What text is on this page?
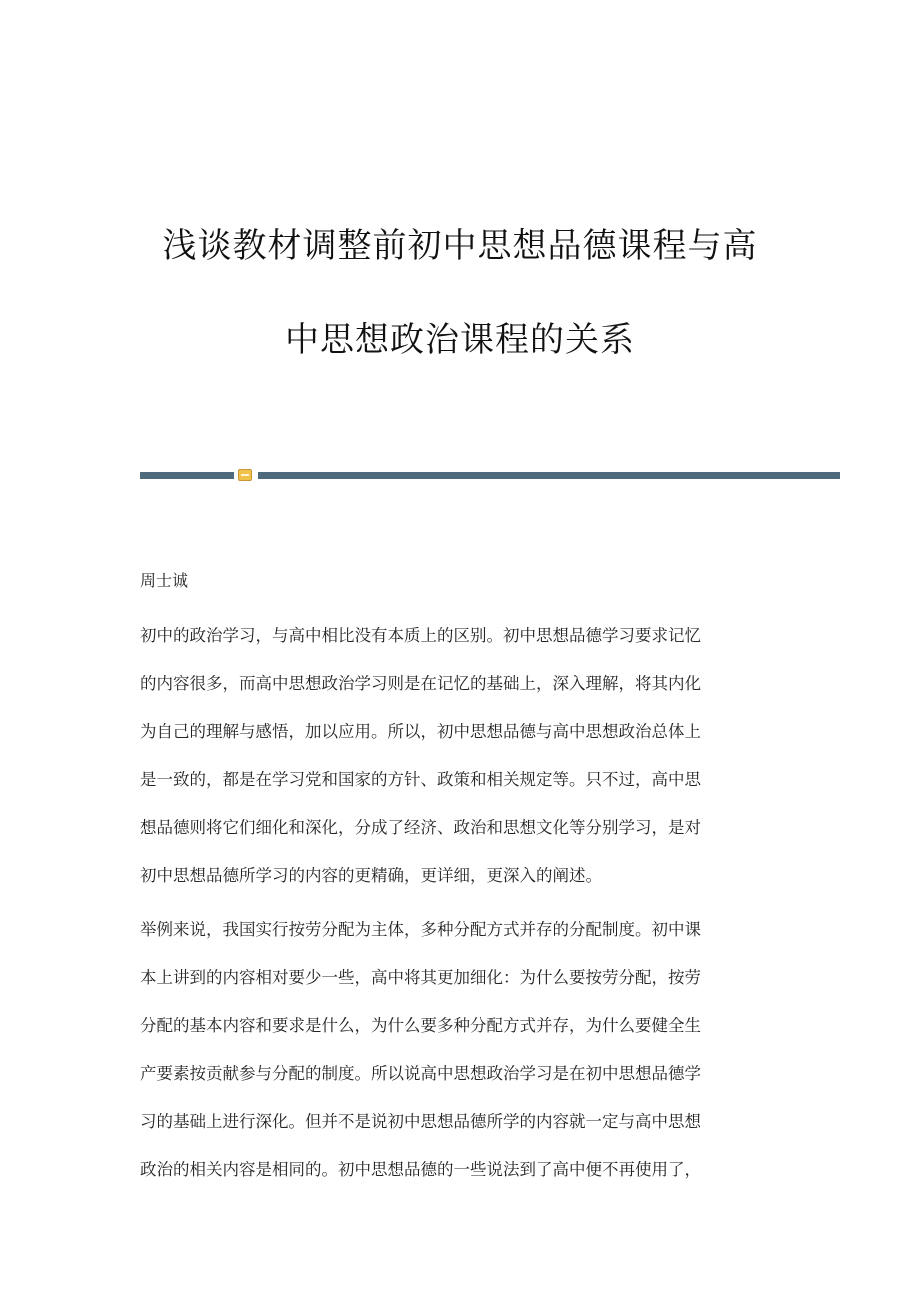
浅谈教材调整前初中思想品德课程与高
中思想政治课程的关系
周士诚
初中的政治学习，与高中相比没有本质上的区别。初中思想品德学习要求记忆
的内容很多，而高中思想政治学习则是在记忆的基础上，深入理解，将其内化
为自己的理解与感悟，加以应用。所以，初中思想品德与高中思想政治总体上
是一致的，都是在学习党和国家的方针、政策和相关规定等。只不过，高中思
想品德则将它们细化和深化，分成了经济、政治和思想文化等分别学习，是对
初中思想品德所学习的内容的更精确，更详细，更深入的阐述。
举例来说，我国实行按劳分配为主体，多种分配方式并存的分配制度。初中课
本上讲到的内容相对要少一些，高中将其更加细化：为什么要按劳分配，按劳
分配的基本内容和要求是什么，为什么要多种分配方式并存，为什么要健全生
产要素按贡献参与分配的制度。所以说高中思想政治学习是在初中思想品德学
习的基础上进行深化。但并不是说初中思想品德所学的内容就一定与高中思想
政治的相关内容是相同的。初中思想品德的一些说法到了高中便不再使用了，
